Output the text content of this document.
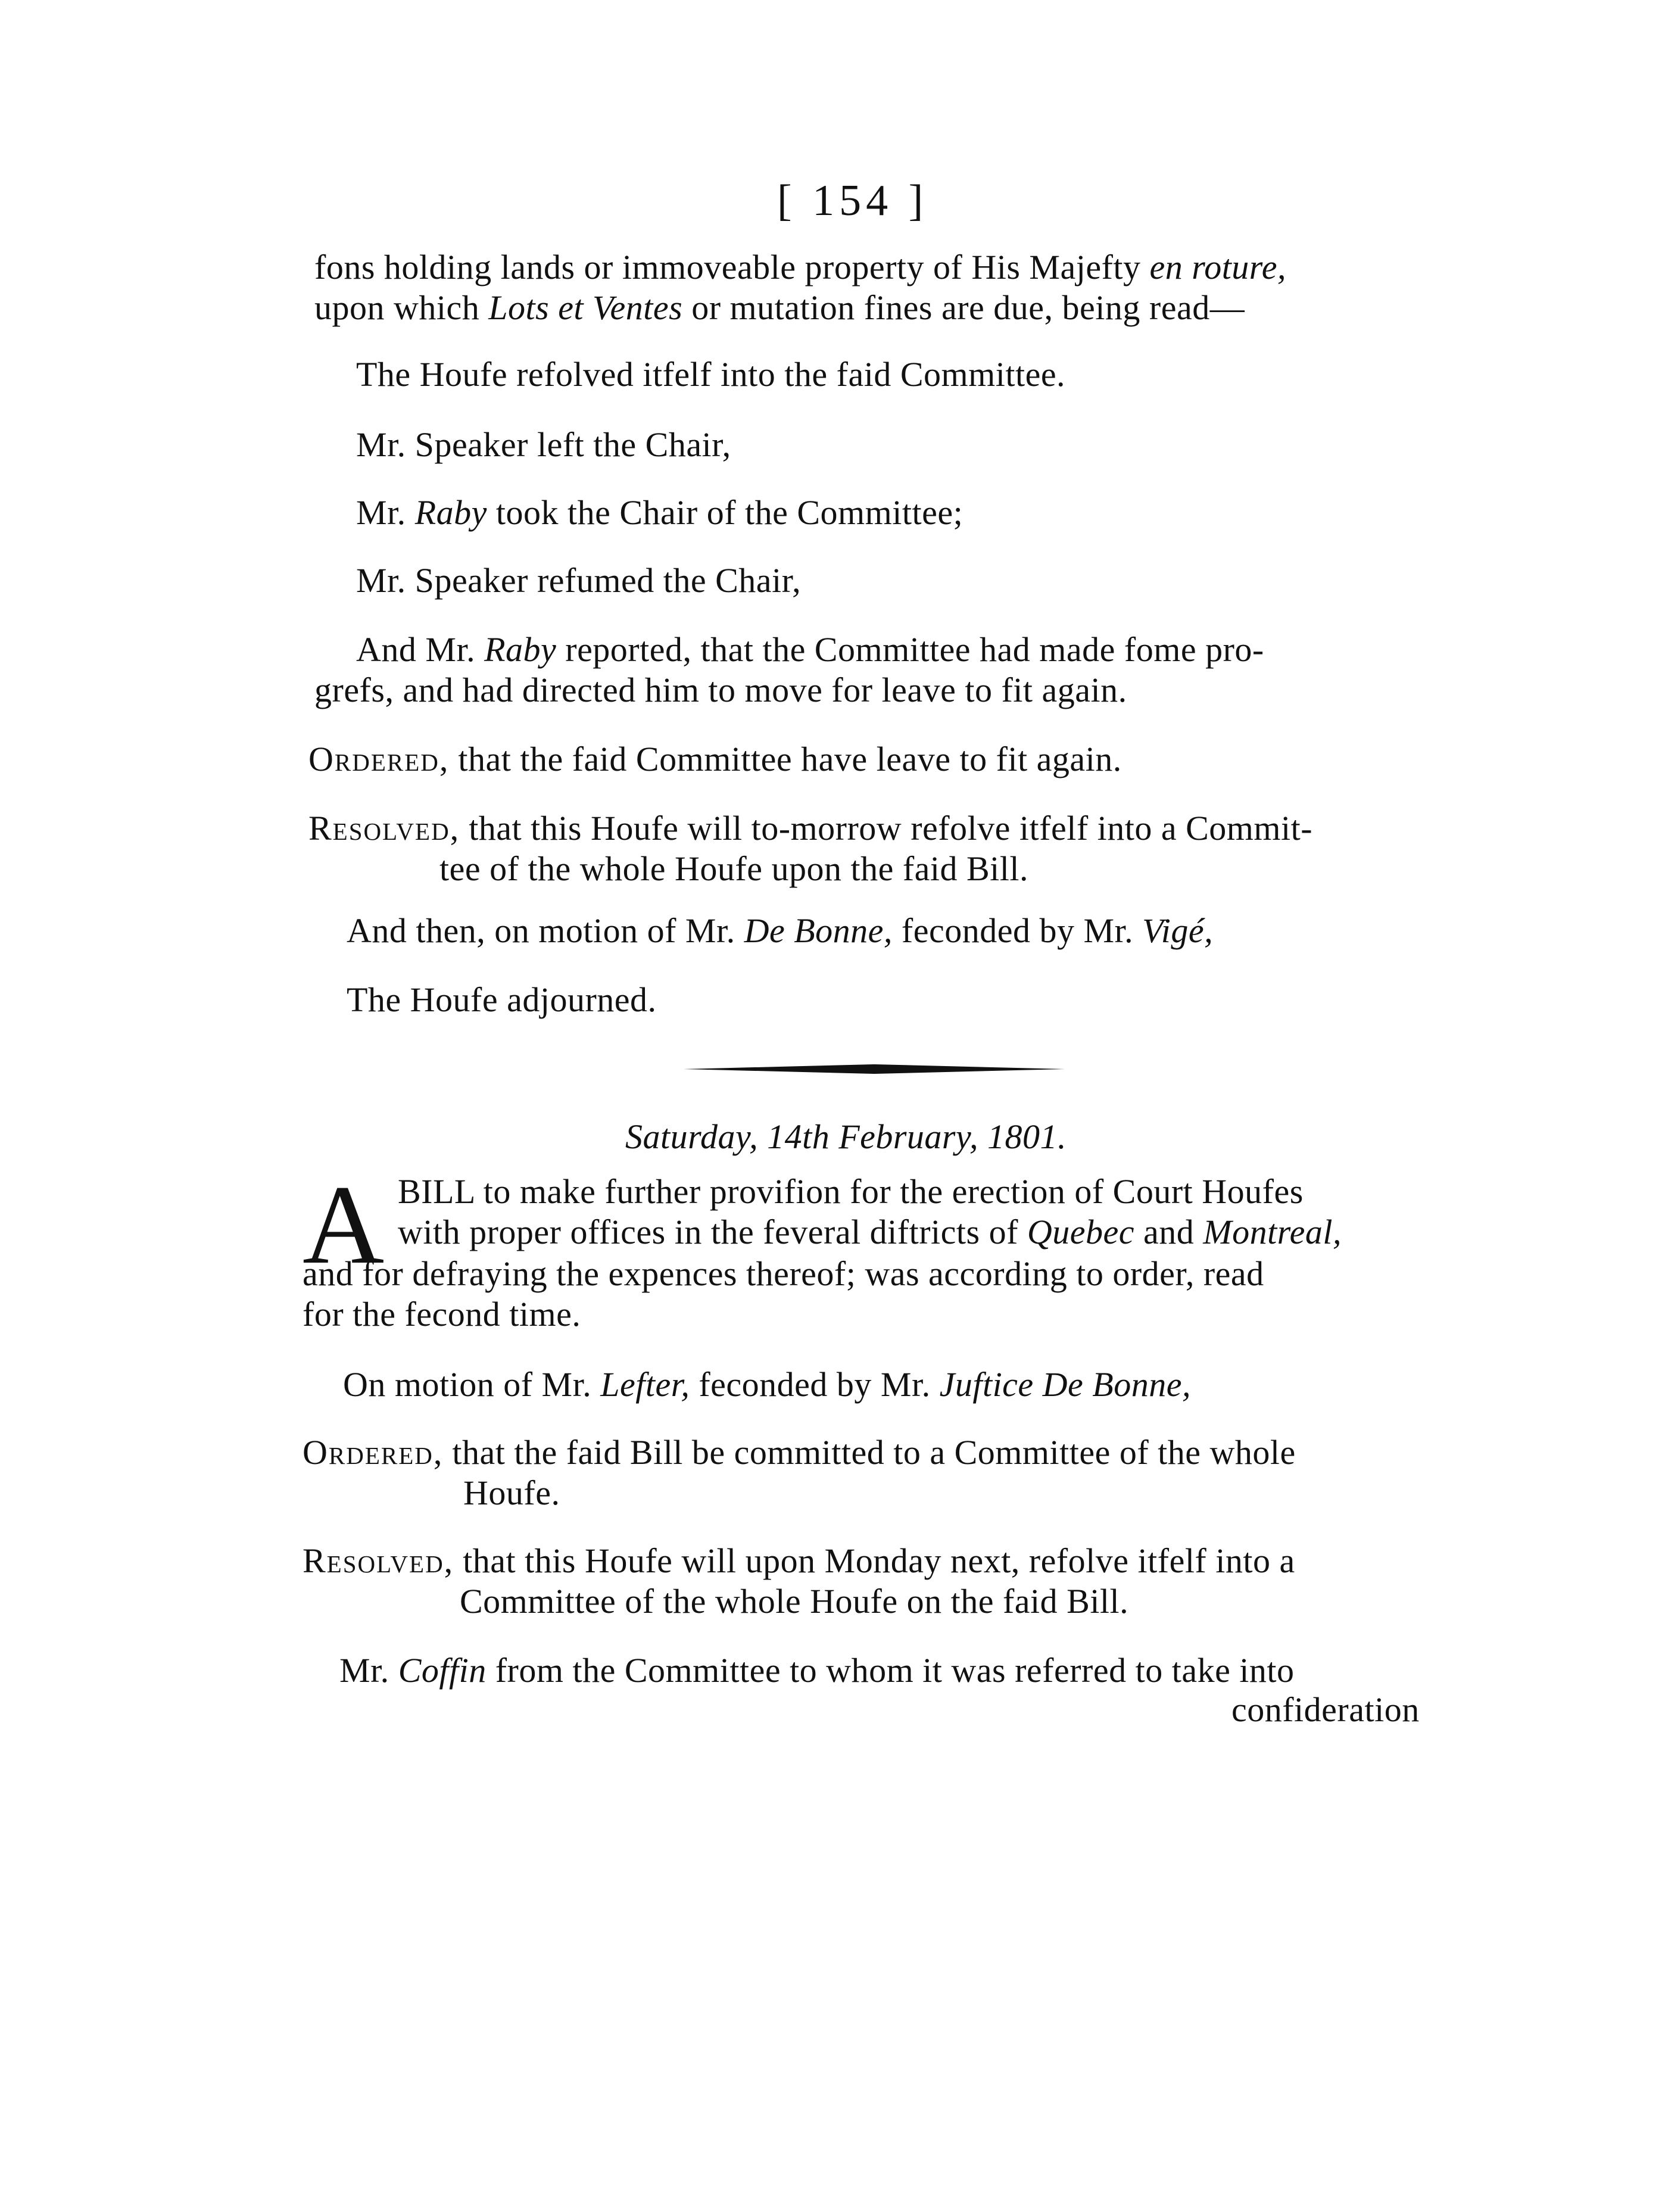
[ 154 ]
fons holding lands or immoveable property of His Majefty en roture,
upon which Lots et Ventes or mutation fines are due, being read—
The Houfe refolved itfelf into the faid Committee.
Mr. Speaker left the Chair,
Mr. Raby took the Chair of the Committee;
Mr. Speaker refumed the Chair,
And Mr. Raby reported, that the Committee had made fome pro-
grefs, and had directed him to move for leave to fit again.
Ordered, that the faid Committee have leave to fit again.
Resolved, that this Houfe will to-morrow refolve itfelf into a Commit-
tee of the whole Houfe upon the faid Bill.
And then, on motion of Mr. De Bonne, feconded by Mr. Vigé,
The Houfe adjourned.
Saturday, 14th February, 1801.
A BILL to make further provifion for the erection of Court Houfes
with proper offices in the feveral diftricts of Quebec and Montreal,
and for defraying the expences thereof; was according to order, read
for the fecond time.
On motion of Mr. Lefter, feconded by Mr. Juftice De Bonne,
Ordered, that the faid Bill be committed to a Committee of the whole
Houfe.
Resolved, that this Houfe will upon Monday next, refolve itfelf into a
Committee of the whole Houfe on the faid Bill.
Mr. Coffin from the Committee to whom it was referred to take into
confideration
